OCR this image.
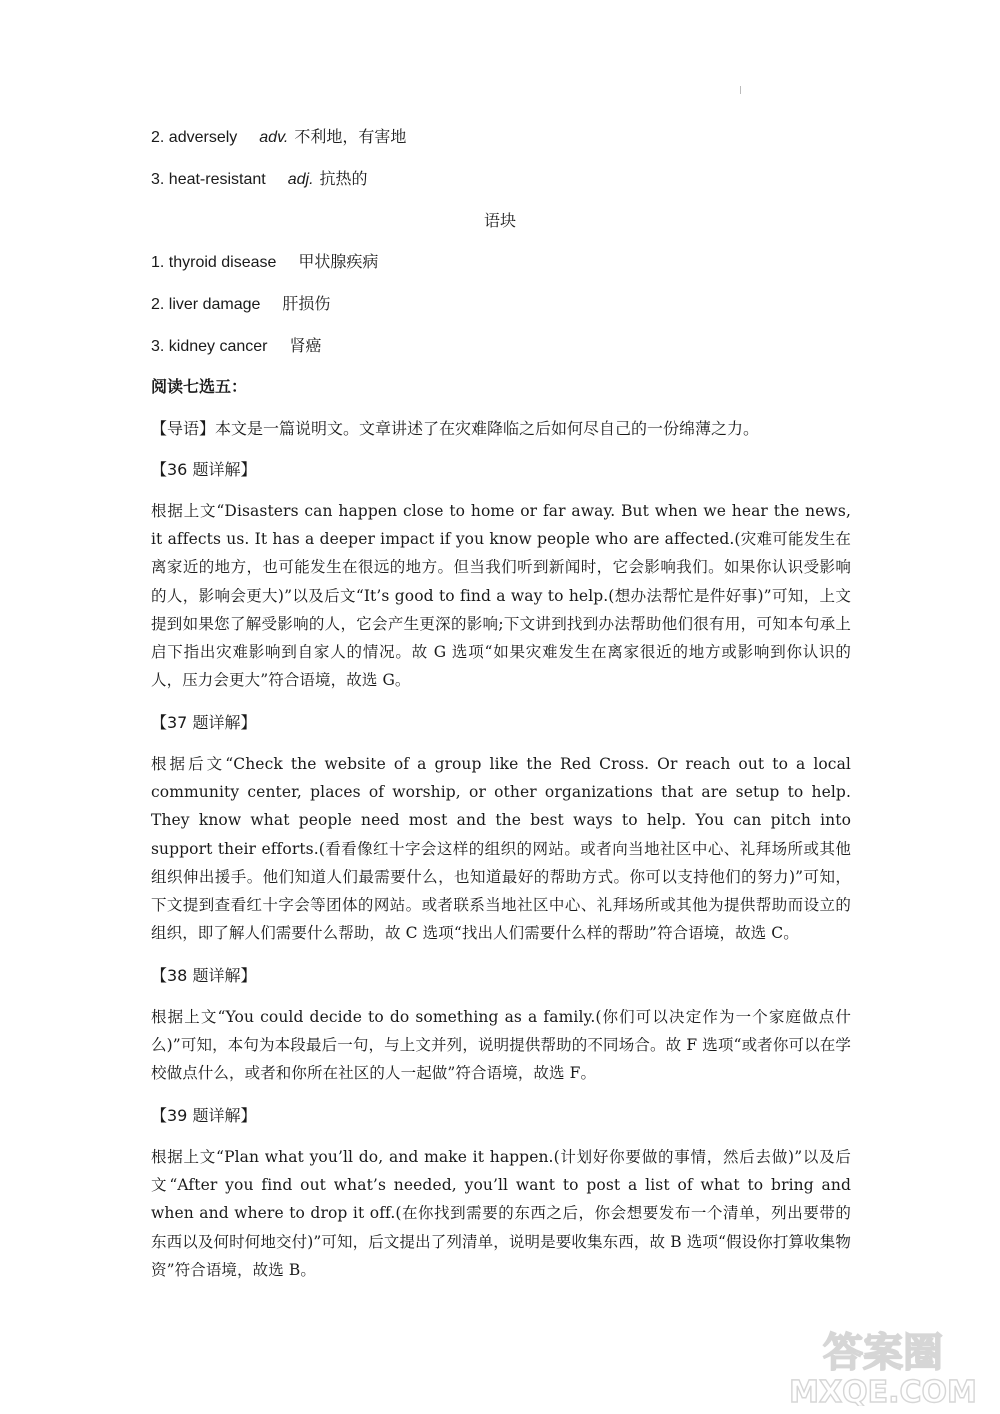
2. adversely adv. 不利地，有害地
3. heat-resistant adj. 抗热的
语块
1. thyroid disease 甲状腺疾病
2. liver damage 肝损伤
3. kidney cancer 肾癌
阅读七选五：
【导语】本文是一篇说明文。文章讲述了在灾难降临之后如何尽自己的一份绵薄之力。
【36 题详解】
根据上文“Disasters can happen close to home or far away. But when we hear the news, it affects us. It has a deeper impact if you know people who are affected.(灾难可能发生在离家近的地方，也可能发生在很远的地方。但当我们听到新闻时，它会影响我们。如果你认识受影响的人，影响会更大)”以及后文“It’s good to find a way to help.(想办法帮忙是件好事)”可知，上文提到如果您了解受影响的人，它会产生更深的影响;下文讲到找到办法帮助他们很有用，可知本句承上启下指出灾难影响到自家人的情况。故 G 选项“如果灾难发生在离家很近的地方或影响到你认识的人，压力会更大”符合语境，故选 G。
【37 题详解】
根据后文“Check the website of a group like the Red Cross. Or reach out to a local community center, places of worship, or other organizations that are setup to help. They know what people need most and the best ways to help. You can pitch into support their efforts.(看看像红十字会这样的组织的网站。或者向当地社区中心、礼拜场所或其他组织伸出援手。他们知道人们最需要什么，也知道最好的帮助方式。你可以支持他们的努力)”可知，下文提到查看红十字会等团体的网站。或者联系当地社区中心、礼拜场所或其他为提供帮助而设立的组织，即了解人们需要什么帮助，故 C 选项“找出人们需要什么样的帮助”符合语境，故选 C。
【38 题详解】
根据上文“You could decide to do something as a family.(你们可以决定作为一个家庭做点什么)”可知，本句为本段最后一句，与上文并列，说明提供帮助的不同场合。故 F 选项“或者你可以在学校做点什么，或者和你所在社区的人一起做”符合语境，故选 F。
【39 题详解】
根据上文“Plan what you’ll do, and make it happen.(计划好你要做的事情，然后去做)”以及后文“After you find out what’s needed, you’ll want to post a list of what to bring and when and where to drop it off.(在你找到需要的东西之后，你会想要发布一个清单，列出要带的东西以及何时何地交付)”可知，后文提出了列清单，说明是要收集东西，故 B 选项“假设你打算收集物资”符合语境，故选 B。
答案圈
MXQE.COM
